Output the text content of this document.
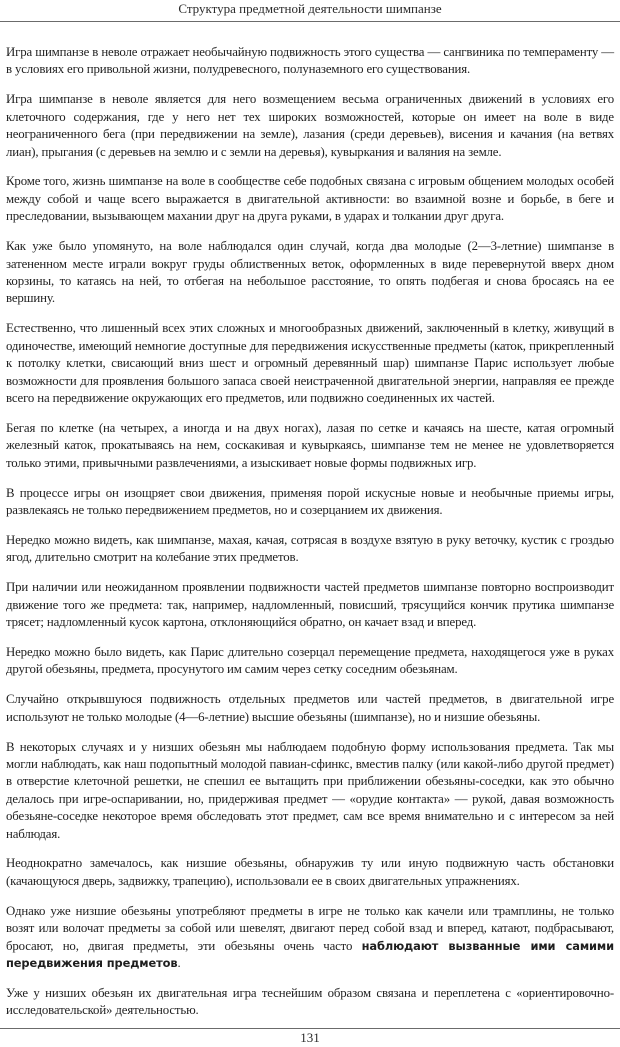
Структура предметной деятельности шимпанзе

Игра шимпанзе в неволе отражает необычайную подвижность этого существа — сангвиника по темпераменту — в условиях его привольной жизни, полудревесного, полуназемного его существования.

Игра шимпанзе в неволе является для него возмещением весьма ограниченных движений в условиях его клеточного содержания, где у него нет тех широких возможностей, которые он имеет на воле в виде неограниченного бега (при передвижении на земле), лазания (среди деревьев), висения и качания (на ветвях лиан), прыгания (с деревьев на землю и с земли на деревья), кувыркания и валяния на земле.

Кроме того, жизнь шимпанзе на воле в сообществе себе подобных связана с игровым общением молодых особей между собой и чаще всего выражается в двигательной активности: во взаимной возне и борьбе, в беге и преследовании, вызывающем махании друг на друга руками, в ударах и толкании друг друга.

Как уже было упомянуто, на воле наблюдался один случай, когда два молодые (2—3-летние) шимпанзе в затененном месте играли вокруг груды облиственных веток, оформленных в виде перевернутой вверх дном корзины, то катаясь на ней, то отбегая на небольшое расстояние, то опять подбегая и снова бросаясь на ее вершину.

Естественно, что лишенный всех этих сложных и многообразных движений, заключенный в клетку, живущий в одиночестве, имеющий немногие доступные для передвижения искусственные предметы (каток, прикрепленный к потолку клетки, свисающий вниз шест и огромный деревянный шар) шимпанзе Парис использует любые возможности для проявления большого запаса своей неистраченной двигательной энергии, направляя ее прежде всего на передвижение окружающих его предметов, или подвижно соединенных их частей.

Бегая по клетке (на четырех, а иногда и на двух ногах), лазая по сетке и качаясь на шесте, катая огромный железный каток, прокатываясь на нем, соскакивая и кувыркаясь, шимпанзе тем не менее не удовлетворяется только этими, привычными развлечениями, а изыскивает новые формы подвижных игр.

В процессе игры он изощряет свои движения, применяя порой искусные новые и необычные приемы игры, развлекаясь не только передвижением предметов, но и созерцанием их движения.

Нередко можно видеть, как шимпанзе, махая, качая, сотрясая в воздухе взятую в руку веточку, кустик с гроздью ягод, длительно смотрит на колебание этих предметов.

При наличии или неожиданном проявлении подвижности частей предметов шимпанзе повторно воспроизводит движение того же предмета: так, например, надломленный, повисший, трясущийся кончик прутика шимпанзе трясет; надломленный кусок картона, отклоняющийся обратно, он качает взад и вперед.

Нередко можно было видеть, как Парис длительно созерцал перемещение предмета, находящегося уже в руках другой обезьяны, предмета, просунутого им самим через сетку соседним обезьянам.

Случайно открывшуюся подвижность отдельных предметов или частей предметов, в двигательной игре используют не только молодые (4—6-летние) высшие обезьяны (шимпанзе), но и низшие обезьяны.

В некоторых случаях и у низших обезьян мы наблюдаем подобную форму использования предмета. Так мы могли наблюдать, как наш подопытный молодой павиан-сфинкс, вместив палку (или какой-либо другой предмет) в отверстие клеточной решетки, не спешил ее вытащить при приближении обезьяны-соседки, как это обычно делалось при игре-оспаривании, но, придерживая предмет — «орудие контакта» — рукой, давая возможность обезьяне-соседке некоторое время обследовать этот предмет, сам все время внимательно и с интересом за ней наблюдая.

Неоднократно замечалось, как низшие обезьяны, обнаружив ту или иную подвижную часть обстановки (качающуюся дверь, задвижку, трапецию), использовали ее в своих двигательных упражнениях.

Однако уже низшие обезьяны употребляют предметы в игре не только как качели или трамплины, не только возят или волочат предметы за собой или шевелят, двигают перед собой взад и вперед, катают, подбрасывают, бросают, но, двигая предметы, эти обезьяны очень часто наблюдают вызванные ими самими передвижения предметов.

Уже у низших обезьян их двигательная игра теснейшим образом связана и переплетена с «ориентировочно-исследовательской» деятельностью.

131
